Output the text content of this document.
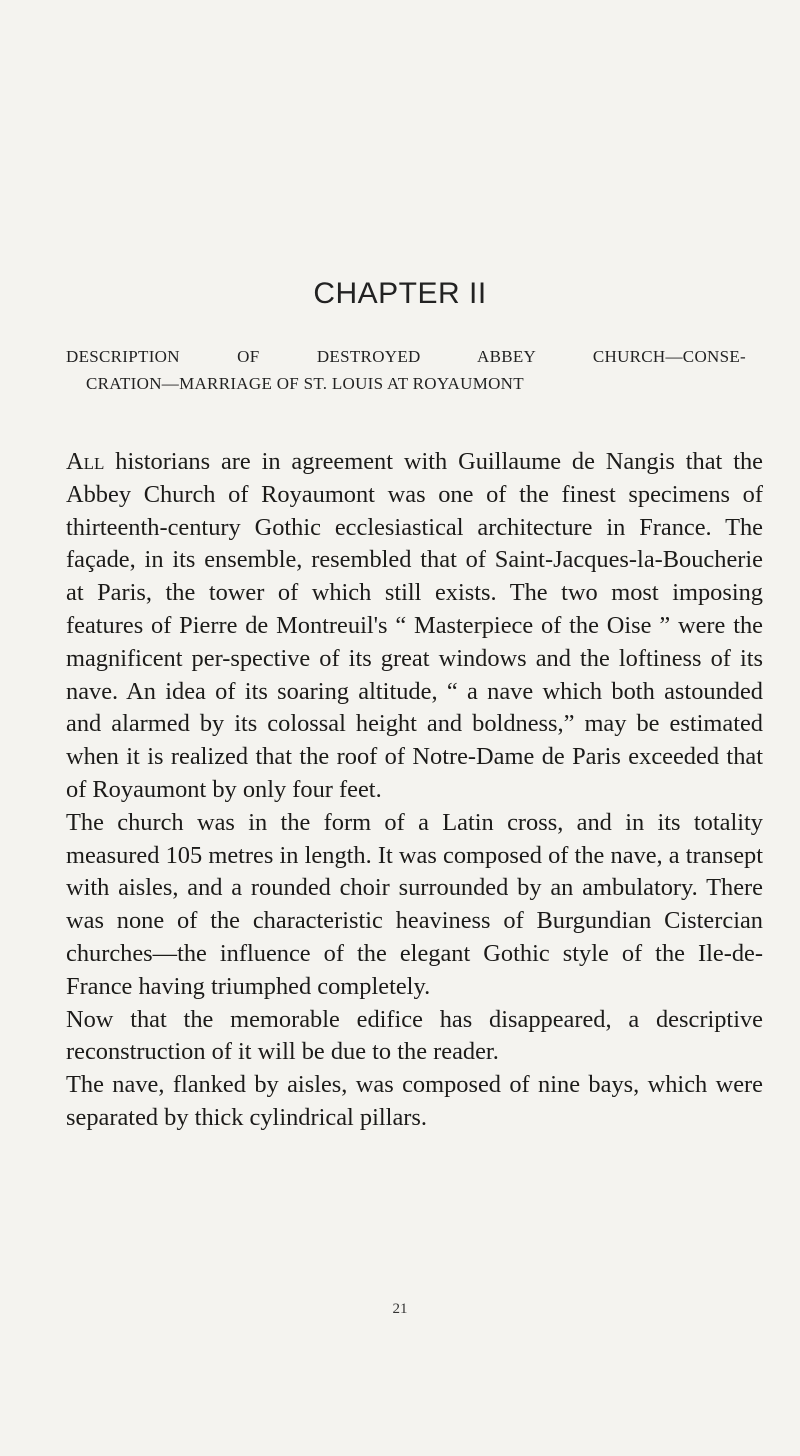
CHAPTER II

DESCRIPTION OF DESTROYED ABBEY CHURCH—CONSE-
CRATION—MARRIAGE OF ST. LOUIS AT ROYAUMONT

All historians are in agreement with Guillaume de Nangis that the Abbey Church of Royaumont was one of the finest specimens of thirteenth-century Gothic ecclesiastical architecture in France. The façade, in its ensemble, resembled that of Saint-Jacques-la-Boucherie at Paris, the tower of which still exists. The two most imposing features of Pierre de Montreuil's “ Masterpiece of the Oise ” were the magnificent per-spective of its great windows and the loftiness of its nave. An idea of its soaring altitude, “ a nave which both astounded and alarmed by its colossal height and boldness,” may be estimated when it is realized that the roof of Notre-Dame de Paris exceeded that of Royaumont by only four feet.

The church was in the form of a Latin cross, and in its totality measured 105 metres in length. It was composed of the nave, a transept with aisles, and a rounded choir surrounded by an ambulatory. There was none of the characteristic heaviness of Burgundian Cistercian churches—the influence of the elegant Gothic style of the Ile-de-France having triumphed completely.

Now that the memorable edifice has disappeared, a descriptive reconstruction of it will be due to the reader.

The nave, flanked by aisles, was composed of nine bays, which were separated by thick cylindrical pillars.

21
